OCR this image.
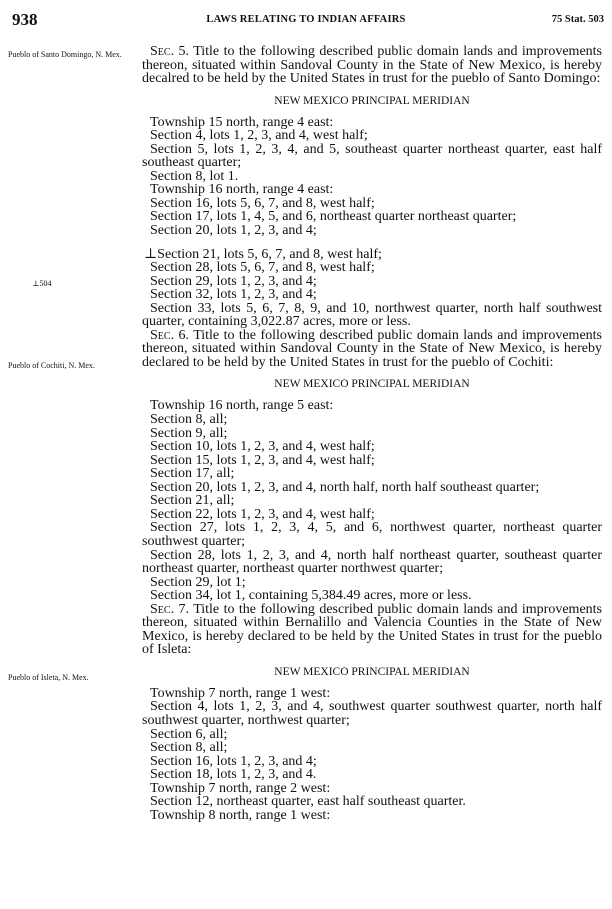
938	LAWS RELATING TO INDIAN AFFAIRS	75 Stat. 503
Pueblo of Santo Domingo, N. Mex.
⊥504
Pueblo of Cochiti, N. Mex.
Pueblo of Isleta, N. Mex.

Sec. 5. Title to the following described public domain lands and improvements thereon, situated within Sandoval County in the State of New Mexico, is hereby decalred to be held by the United States in trust for the pueblo of Santo Domingo:

NEW MEXICO PRINCIPAL MERIDIAN

Township 15 north, range 4 east:

Section 4, lots 1, 2, 3, and 4, west half;

Section 5, lots 1, 2, 3, 4, and 5, southeast quarter northeast quarter, east half southeast quarter;

Section 8, lot 1.

Township 16 north, range 4 east:

Section 16, lots 5, 6, 7, and 8, west half;

Section 17, lots 1, 4, 5, and 6, northeast quarter northeast quarter;

Section 20, lots 1, 2, 3, and 4;

⊥Section 21, lots 5, 6, 7, and 8, west half;

Section 28, lots 5, 6, 7, and 8, west half;

Section 29, lots 1, 2, 3, and 4;

Section 32, lots 1, 2, 3, and 4;

Section 33, lots 5, 6, 7, 8, 9, and 10, northwest quarter, north half southwest quarter, containing 3,022.87 acres, more or less.

Sec. 6. Title to the following described public domain lands and improvements thereon, situated within Sandoval County in the State of New Mexico, is hereby declared to be held by the United States in trust for the pueblo of Cochiti:

NEW MEXICO PRINCIPAL MERIDIAN

Township 16 north, range 5 east:

Section 8, all;

Section 9, all;

Section 10, lots 1, 2, 3, and 4, west half;

Section 15, lots 1, 2, 3, and 4, west half;

Section 17, all;

Section 20, lots 1, 2, 3, and 4, north half, north half southeast quarter;

Section 21, all;

Section 22, lots 1, 2, 3, and 4, west half;

Section 27, lots 1, 2, 3, 4, 5, and 6, northwest quarter, northeast quarter southwest quarter;

Section 28, lots 1, 2, 3, and 4, north half northeast quarter, southeast quarter northeast quarter, northeast quarter northwest quarter;

Section 29, lot 1;

Section 34, lot 1, containing 5,384.49 acres, more or less.

Sec. 7. Title to the following described public domain lands and improvements thereon, situated within Bernalillo and Valencia Counties in the State of New Mexico, is hereby declared to be held by the United States in trust for the pueblo of Isleta:

NEW MEXICO PRINCIPAL MERIDIAN

Township 7 north, range 1 west:

Section 4, lots 1, 2, 3, and 4, southwest quarter southwest quarter, north half southwest quarter, northwest quarter;

Section 6, all;

Section 8, all;

Section 16, lots 1, 2, 3, and 4;

Section 18, lots 1, 2, 3, and 4.

Township 7 north, range 2 west:

Section 12, northeast quarter, east half southeast quarter.

Township 8 north, range 1 west:
